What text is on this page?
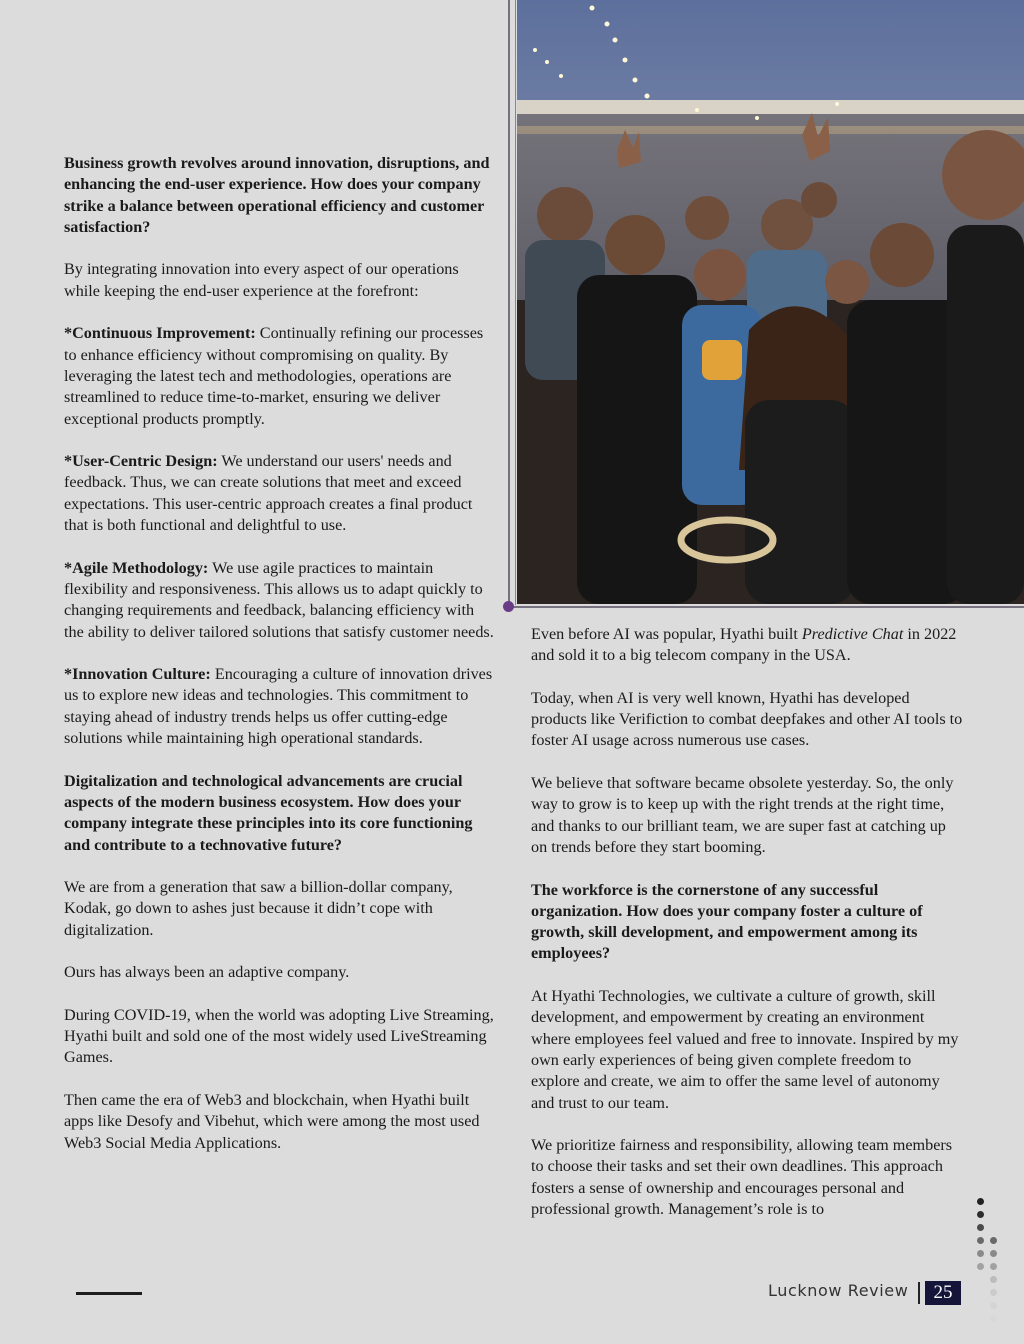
Business growth revolves around innovation, disruptions, and enhancing the end-user experience. How does your company strike a balance between operational efficiency and customer satisfaction?

By integrating innovation into every aspect of our operations while keeping the end-user experience at the forefront:

*Continuous Improvement: Continually refining our processes to enhance efficiency without compromising on quality. By leveraging the latest tech and methodologies, operations are streamlined to reduce time-to-market, ensuring we deliver exceptional products promptly.

*User-Centric Design: We understand our users' needs and feedback. Thus, we can create solutions that meet and exceed expectations. This user-centric approach creates a final product that is both functional and delightful to use.

*Agile Methodology: We use agile practices to maintain flexibility and responsiveness. This allows us to adapt quickly to changing requirements and feedback, balancing efficiency with the ability to deliver tailored solutions that satisfy customer needs.

*Innovation Culture: Encouraging a culture of innovation drives us to explore new ideas and technologies. This commitment to staying ahead of industry trends helps us offer cutting-edge solutions while maintaining high operational standards.

Digitalization and technological advancements are crucial aspects of the modern business ecosystem. How does your company integrate these principles into its core functioning and contribute to a technovative future?

We are from a generation that saw a billion-dollar company, Kodak, go down to ashes just because it didn’t cope with digitalization.

Ours has always been an adaptive company.

During COVID-19, when the world was adopting Live Streaming, Hyathi built and sold one of the most widely used LiveStreaming Games.

Then came the era of Web3 and blockchain, when Hyathi built apps like Desofy and Vibehut, which were among the most used Web3 Social Media Applications.

Even before AI was popular, Hyathi built Predictive Chat in 2022 and sold it to a big telecom company in the USA.

Today, when AI is very well known, Hyathi has developed products like Verifiction to combat deepfakes and other AI tools to foster AI usage across numerous use cases.

We believe that software became obsolete yesterday. So, the only way to grow is to keep up with the right trends at the right time, and thanks to our brilliant team, we are super fast at catching up on trends before they start booming.

The workforce is the cornerstone of any successful organization. How does your company foster a culture of growth, skill development, and empowerment among its employees?

At Hyathi Technologies, we cultivate a culture of growth, skill development, and empowerment by creating an environment where employees feel valued and free to innovate. Inspired by my own early experiences of being given complete freedom to explore and create, we aim to offer the same level of autonomy and trust to our team.

We prioritize fairness and responsibility, allowing team members to choose their tasks and set their own deadlines. This approach fosters a sense of ownership and encourages personal and professional growth. Management’s role is to

Lucknow Review	25
